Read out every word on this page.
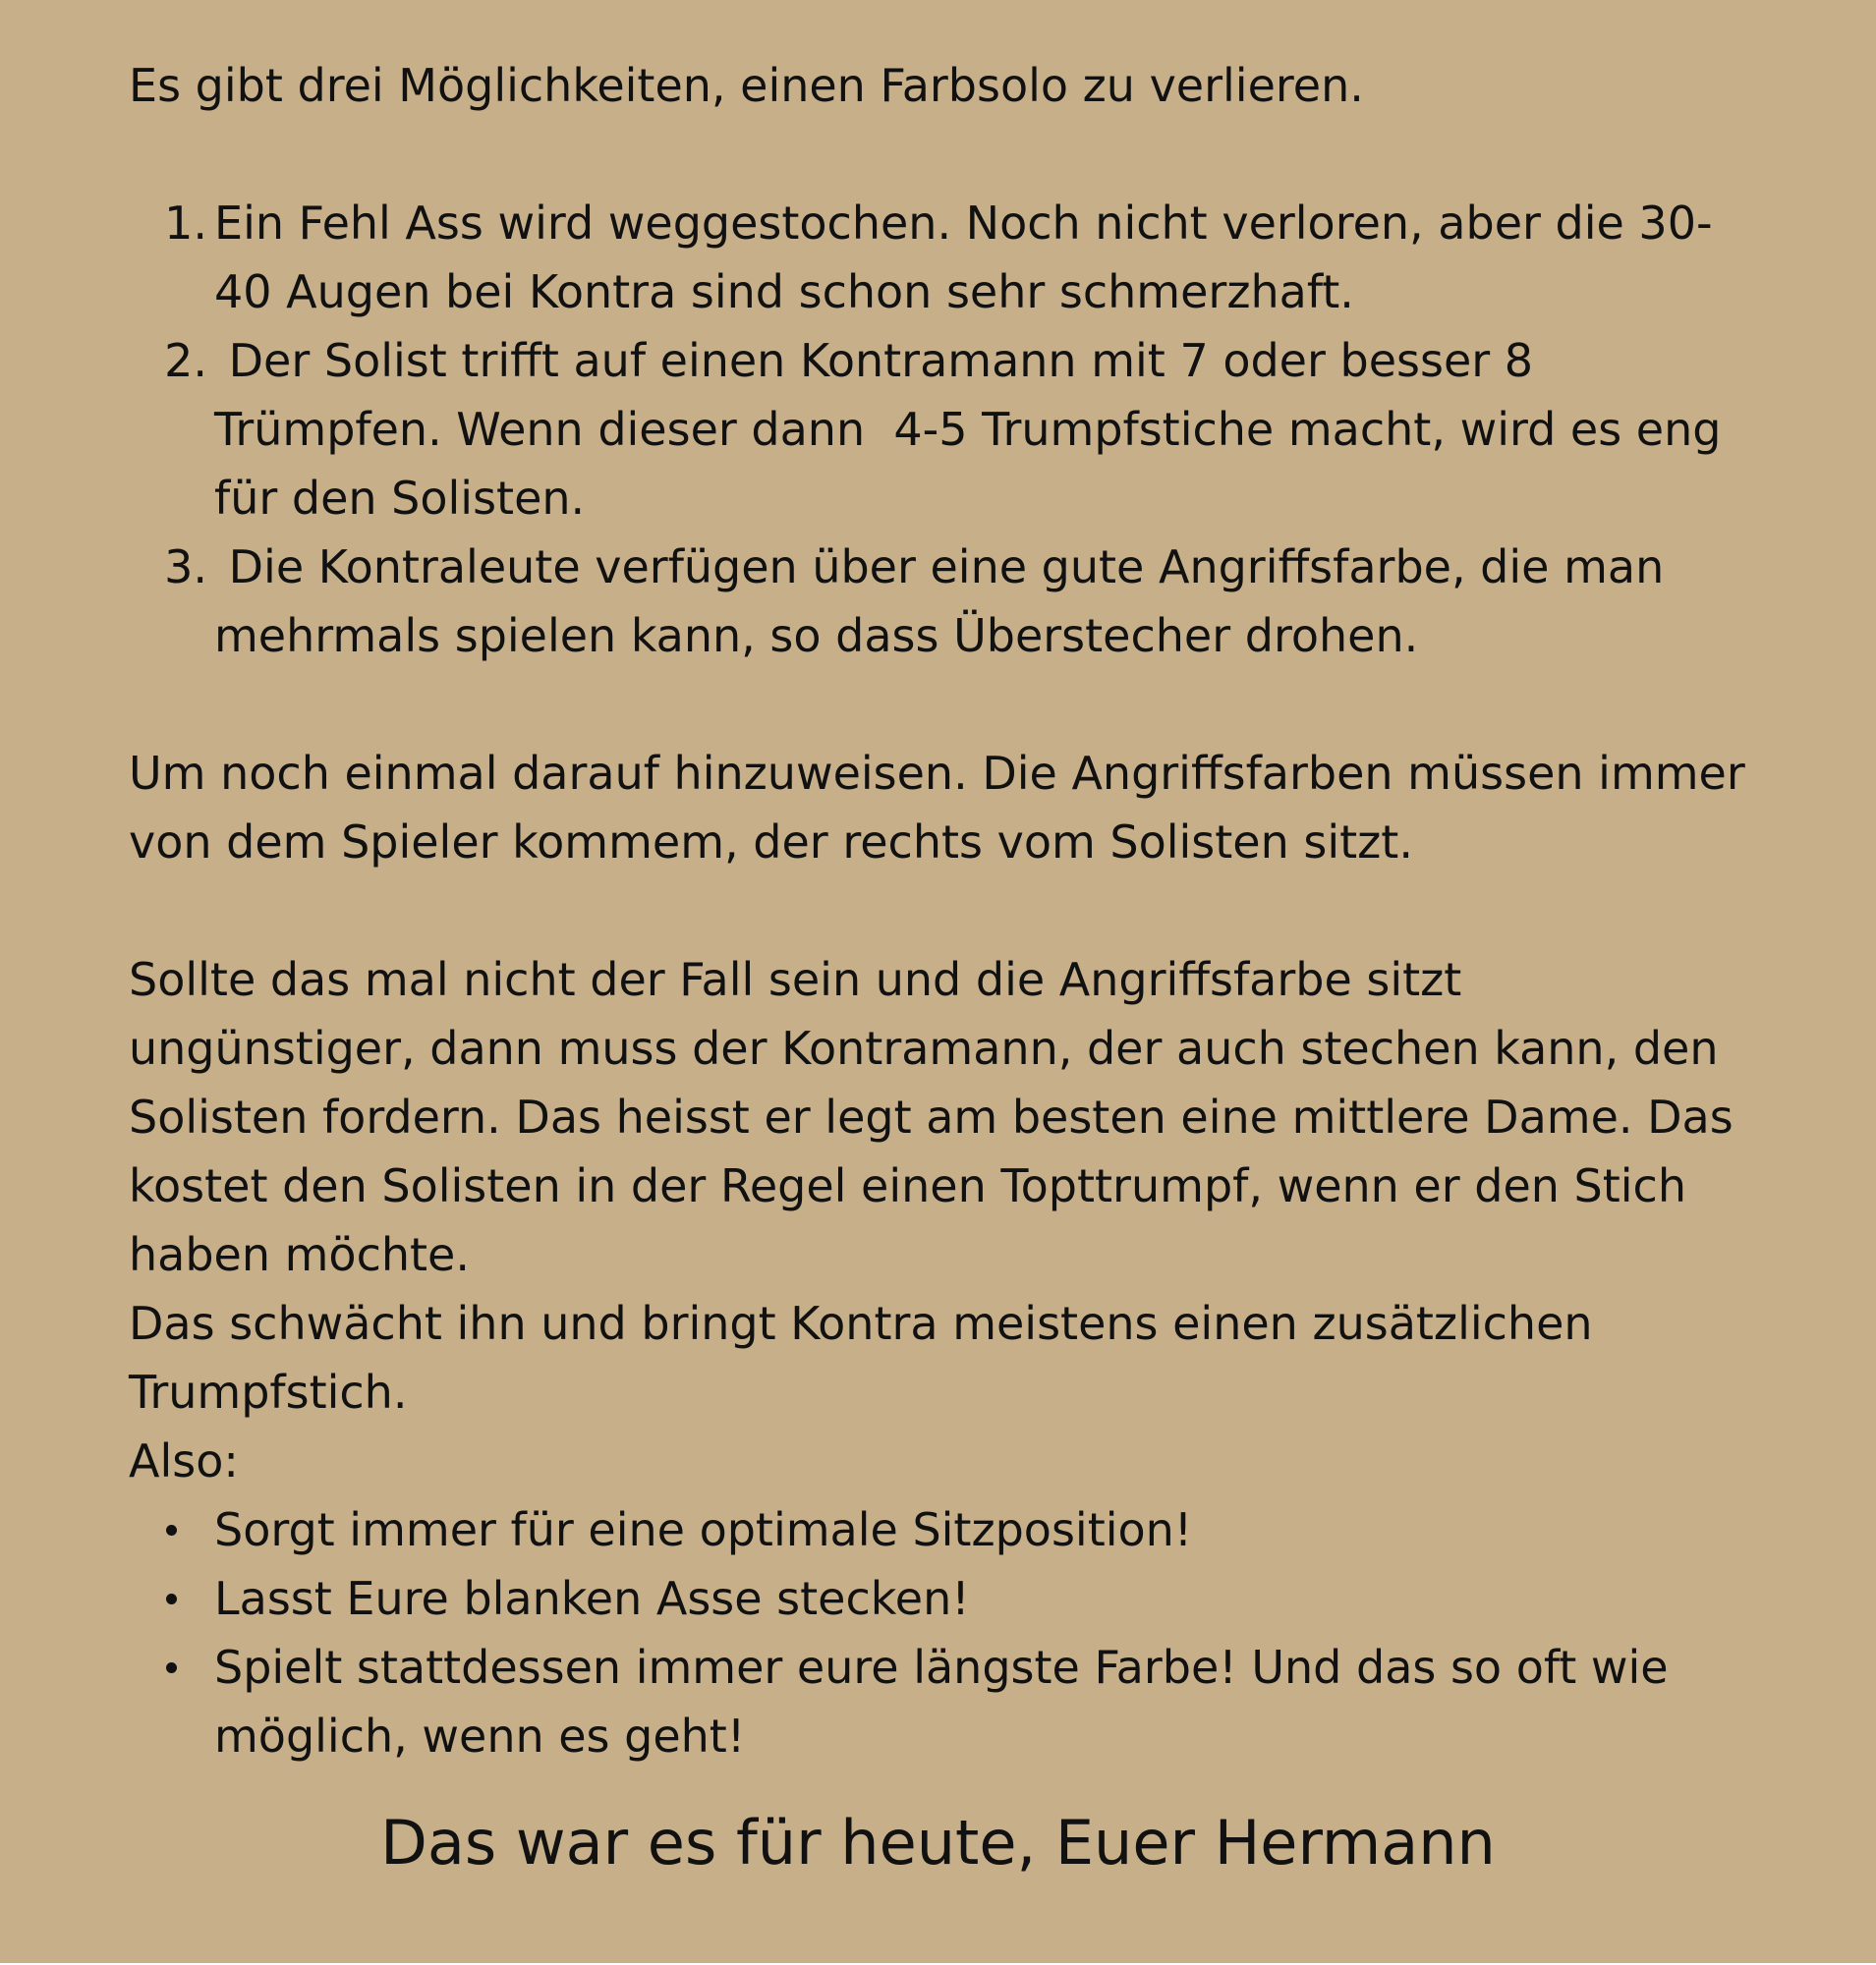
Es gibt drei Möglichkeiten, einen Farbsolo zu verlieren.

1. Ein Fehl Ass wird weggestochen. Noch nicht verloren, aber die 30-40 Augen bei Kontra sind schon sehr schmerzhaft.
2. Der Solist trifft auf einen Kontramann mit 7 oder besser 8 Trümpfen. Wenn dieser dann  4-5 Trumpfstiche macht, wird es eng für den Solisten.
3. Die Kontraleute verfügen über eine gute Angriffsfarbe, die man mehrmals spielen kann, so dass Überstecher drohen.

Um noch einmal darauf hinzuweisen. Die Angriffsfarben müssen immer von dem Spieler kommem, der rechts vom Solisten sitzt.

Sollte das mal nicht der Fall sein und die Angriffsfarbe sitzt ungünstiger, dann muss der Kontramann, der auch stechen kann, den Solisten fordern. Das heisst er legt am besten eine mittlere Dame. Das kostet den Solisten in der Regel einen Topttrumpf, wenn er den Stich haben möchte.

Das schwächt ihn und bringt Kontra meistens einen zusätzlichen Trumpfstich.

Also:

Sorgt immer für eine optimale Sitzposition!
Lasst Eure blanken Asse stecken!
Spielt stattdessen immer eure längste Farbe! Und das so oft wie möglich, wenn es geht!

Das war es für heute, Euer Hermann
